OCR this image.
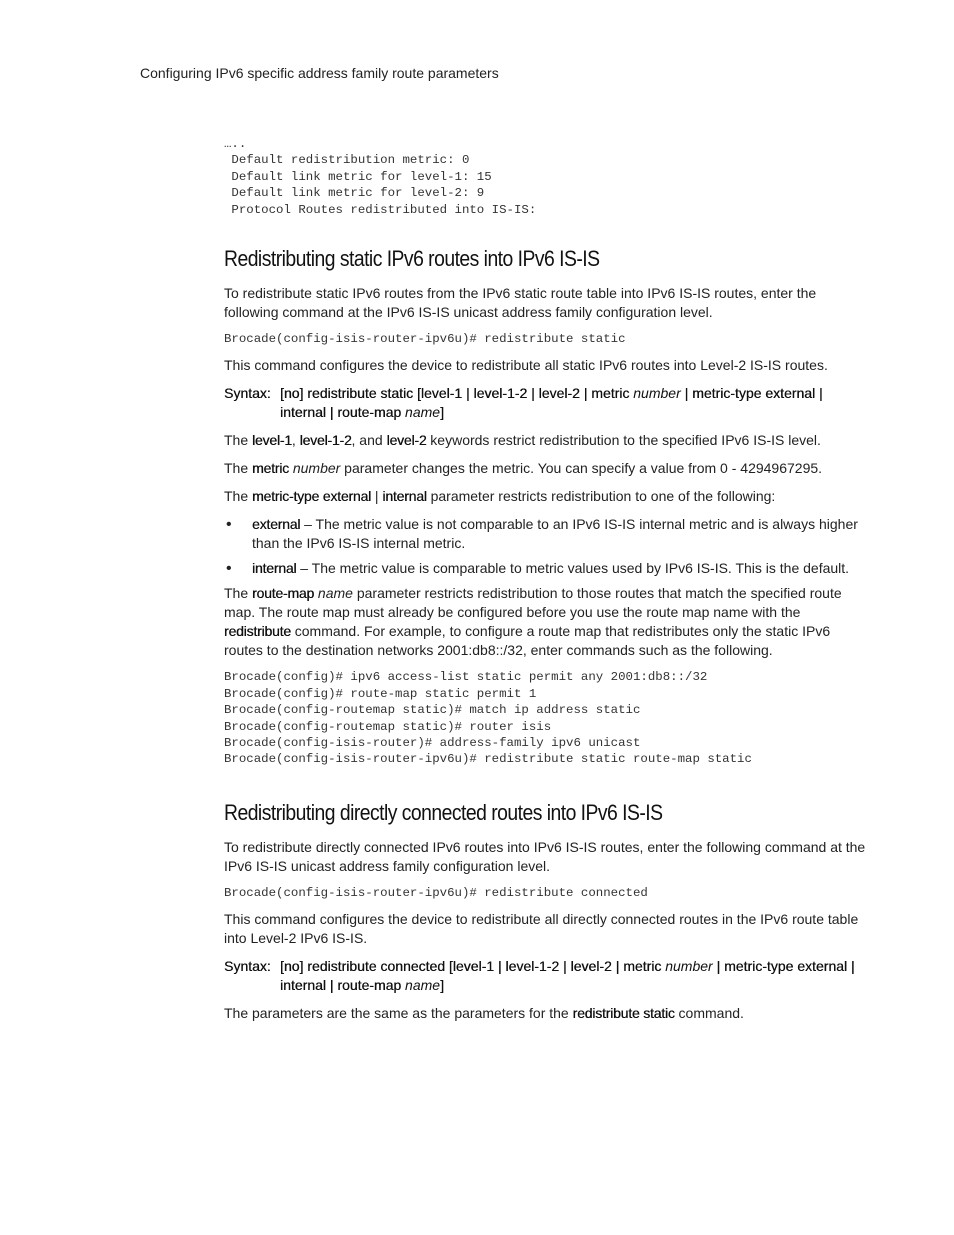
Configuring IPv6 specific address family route parameters
…..
Default redistribution metric: 0
Default link metric for level-1: 15
Default link metric for level-2: 9
Protocol Routes redistributed into IS-IS:
Redistributing static IPv6 routes into IPv6 IS-IS

To redistribute static IPv6 routes from the IPv6 static route table into IPv6 IS-IS routes, enter the following command at the IPv6 IS-IS unicast address family configuration level.

Brocade(config-isis-router-ipv6u)# redistribute static

This command configures the device to redistribute all static IPv6 routes into Level-2 IS-IS routes.

Syntax: [no] redistribute static [level-1 | level-1-2 | level-2 | metric number | metric-type external | internal | route-map name]

The level-1, level-1-2, and level-2 keywords restrict redistribution to the specified IPv6 IS-IS level.

The metric number parameter changes the metric. You can specify a value from 0 - 4294967295.

The metric-type external | internal parameter restricts redistribution to one of the following:

• external – The metric value is not comparable to an IPv6 IS-IS internal metric and is always higher than the IPv6 IS-IS internal metric.
• internal – The metric value is comparable to metric values used by IPv6 IS-IS. This is the default.

The route-map name parameter restricts redistribution to those routes that match the specified route map. The route map must already be configured before you use the route map name with the redistribute command. For example, to configure a route map that redistributes only the static IPv6 routes to the destination networks 2001:db8::/32, enter commands such as the following.

Brocade(config)# ipv6 access-list static permit any 2001:db8::/32
Brocade(config)# route-map static permit 1
Brocade(config-routemap static)# match ip address static
Brocade(config-routemap static)# router isis
Brocade(config-isis-router)# address-family ipv6 unicast
Brocade(config-isis-router-ipv6u)# redistribute static route-map static
Redistributing directly connected routes into IPv6 IS-IS

To redistribute directly connected IPv6 routes into IPv6 IS-IS routes, enter the following command at the IPv6 IS-IS unicast address family configuration level.

Brocade(config-isis-router-ipv6u)# redistribute connected

This command configures the device to redistribute all directly connected routes in the IPv6 route table into Level-2 IPv6 IS-IS.

Syntax: [no] redistribute connected [level-1 | level-1-2 | level-2 | metric number | metric-type external | internal | route-map name]

The parameters are the same as the parameters for the redistribute static command.
